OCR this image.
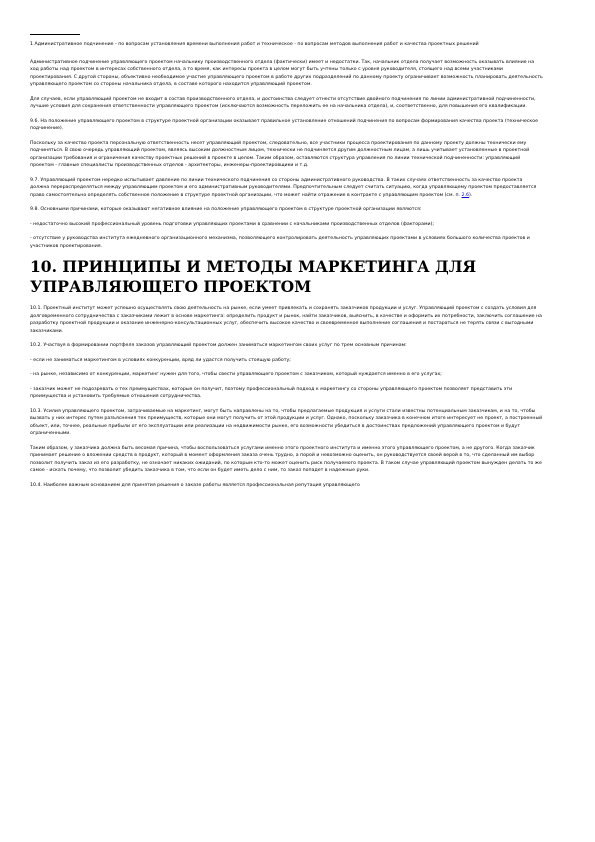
1 Административное подчинение - по вопросам установления времени выполнения работ и техническое - по вопросам методов выполнения работ и качества проектных решений

Административное подчинение управляющего проектом начальнику производственного отдела (фактически) имеет и недостатки. Так, начальник отдела получает возможность оказывать влияние на ход работы над проектом в интересах собственного отдела, а то время, как интересы проекта в целом могут быть учтены только с уровня руководителя, стоящего над всеми участниками проектирования. С другой стороны, объективно необходимое участие управляющего проектом в работе других подразделений по данному проекту ограничивает возможность планировать деятельность управляющего проектом со стороны начальника отдела, в составе которого находится управляющий проектом.

Для случаев, если управляющий проектом не входит в состав производственного отдела, и достоинства следует отнести отсутствие двойного подчинения по линии административной подчиненности, лучшие условия для сохранения ответственности управляющего проектом (исключаются возможность переложить ее на начальника отдела), и, соответственно, для повышения его квалификации.

9.6. На положение управляющего проектом в структуре проектной организации оказывает правильное установление отношений подчинения по вопросам формирования качества проекта (техническое подчинение).

Поскольку за качество проекта персональную ответственность несет управляющий проектом, следовательно, все участники процесса проектирования по данному проекту должны технически ему подчиняться. В свою очередь управляющий проектом, являясь высоким должностным лицом, технически не подчиняется другим должностным лицам, а лишь учитывает установленные в проектной организации требования и ограничения качеству проектных решений в проекте в целом. Таким образом, оставляются структура управления по линии технической подчиненности: управляющий проектом - главные специалисты производственных отделов - архитекторы, инженеры-проектировщики и т.д.

9.7. Управляющий проектом нередко испытывает давление по линии технического подчинения со стороны административного руководства. В таких случаях ответственность за качество проекта должна перераспределяться между управляющим проектом и его административным руководителями. Предпочтительным следует считать ситуацию, когда управляющему проектом предоставляется право самостоятельно определять собственное положение в структуре проектной организации, что может найти отражение в контракте с управляющим проектом (см. п. 2.6).

9.8. Основными причинами, которые оказывают негативное влияние на положение управляющего проектом в структуре проектной организации являются:

- недостаточно высокий профессиональный уровень подготовки управляющих проектами в сравнении с начальниками производственных отделов (факторами);

- отсутствие у руководства института ежедневного организационного механизма, позволяющего контролировать деятельность управляющих проектами в условиях большого количества проектов и участников проектирования.

10. ПРИНЦИПЫ И МЕТОДЫ МАРКЕТИНГА ДЛЯ УПРАВЛЯЮЩЕГО ПРОЕКТОМ

10.1. Проектный институт может успешно осуществлять свою деятельность на рынке, если умеет привлекать и сохранять заказчиков продукции и услуг. Управляющий проектом с создать условия для долговременного сотрудничества с заказчиками лежит в основе маркетинга: определить продукт и рынок, найти заказчиков, выяснить, в качестве и оформить их потребности, заключить соглашение на разработку проектной продукции и оказание инженерно-консультационных услуг, обеспечить высокое качество и своевременное выполнение соглашения и постараться не терять связи с выгодными заказчиками.

10.2. Участвуя в формировании портфеля заказов управляющий проектом должен заниматься маркетингом своих услуг по трем основным причинам:

- если не заниматься маркетингом в условиях конкуренции, вряд ли удастся получить стоящую работу;

- на рынке, независимо от конкуренции, маркетинг нужен для того, чтобы свести управляющего проектом с заказчиком, который нуждается именно в его услугах;

- заказчик может не подозревать о тех преимуществах, которые он получит, поэтому профессиональный подход к маркетингу со стороны управляющего проектом позволяет представить эти преимущества и установить требуемые отношения сотрудничества.

10.3. Усилия управляющего проектом, затрачиваемые на маркетинг, могут быть направлены на то, чтобы предлагаемые продукция и услуги стали известны потенциальным заказчикам, и на то, чтобы вызвать у них интерес путем разъяснения тех преимуществ, которые они могут получить от этой продукции и услуг. Однако, поскольку заказчика в конечном итоге интересует не проект, а построенный объект, или, точнее, реальные прибыли от его эксплуатации или реализации на недвижимости рынке, его возможности убедиться в достоинствах предложений управляющего проектом и будут ограниченными.

Таким образом, у заказчика должна быть весомая причина, чтобы воспользоваться услугами именно этого проектного института и именно этого управляющего проектом, а не другого. Когда заказчик принимает решение о вложении средств в продукт, который в момент оформления заказа очень трудно, а порой и невозможно оценить, он руководствуется своей верой в то, что сделанный им выбор позволит получить заказ из его разработку, не означает никаких ожиданий, по которым кто-то может оценить риск получаемого проекта. В таком случае управляющий проектом вынужден делать то же самое - искать почему, что позволит убедить заказчика в том, что если он будет иметь дело с ним, то заказ попадет в надежные руки.

10.4. Наиболее важным основанием для принятия решения о заказе работы является профессиональная репутация управляющего
